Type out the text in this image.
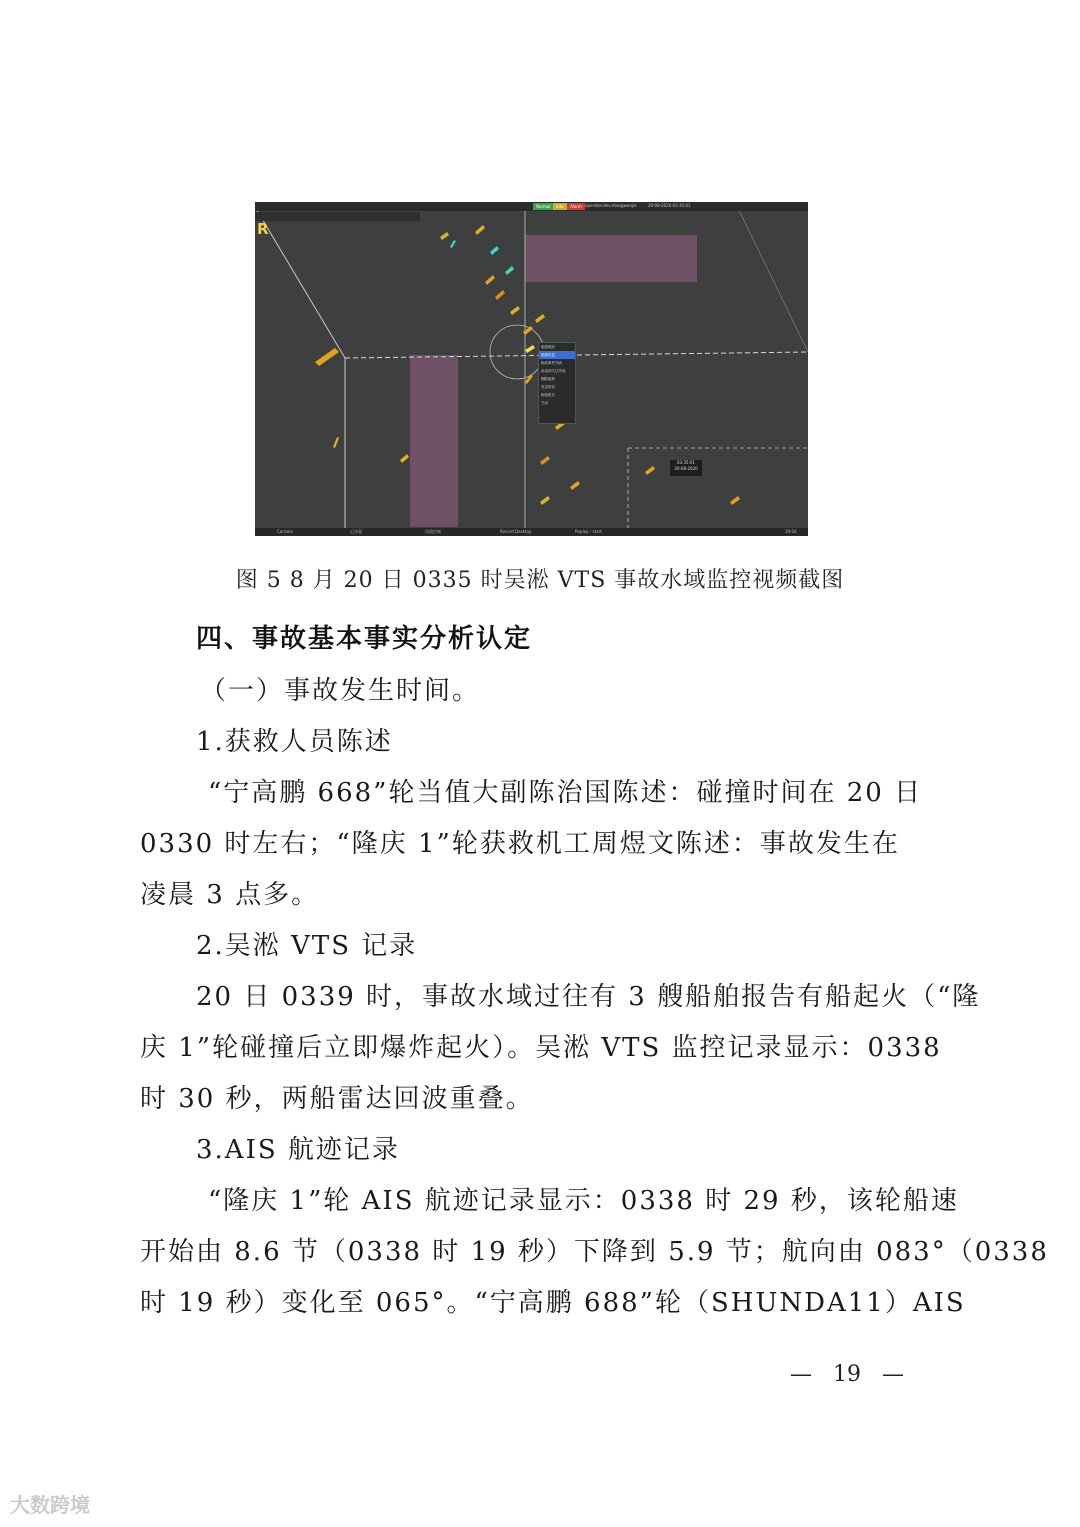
Normal	Info	Alarm operator.dev.zhangwenjie	20-08-2020 03:35:01
R
船舶跟踪
船舶信息
船舶事件列表
添加到关注列表
删除船舶
发送短信
船舶报告
关闭
03:35:01
20-08-2020
Console	记录器	回放控制	Record Desktop	Replay - start	19:04
图 5 8 月 20 日 0335 时吴淞 VTS 事故水域监控视频截图
四、事故基本事实分析认定
（一）事故发生时间。
1.获救人员陈述
“宁高鹏 668”轮当值大副陈治国陈述：碰撞时间在 20 日
0330 时左右；“隆庆 1”轮获救机工周煜文陈述：事故发生在
凌晨 3 点多。
2.吴淞 VTS 记录
20 日 0339 时，事故水域过往有 3 艘船舶报告有船起火（“隆
庆 1”轮碰撞后立即爆炸起火）。吴淞 VTS 监控记录显示：0338
时 30 秒，两船雷达回波重叠。
3.AIS 航迹记录
“隆庆 1”轮 AIS 航迹记录显示：0338 时 29 秒，该轮船速
开始由 8.6 节（0338 时 19 秒）下降到 5.9 节；航向由 083°（0338
时 19 秒）变化至 065°。“宁高鹏 688”轮（SHUNDA11）AIS
—   19   —
大数跨境
